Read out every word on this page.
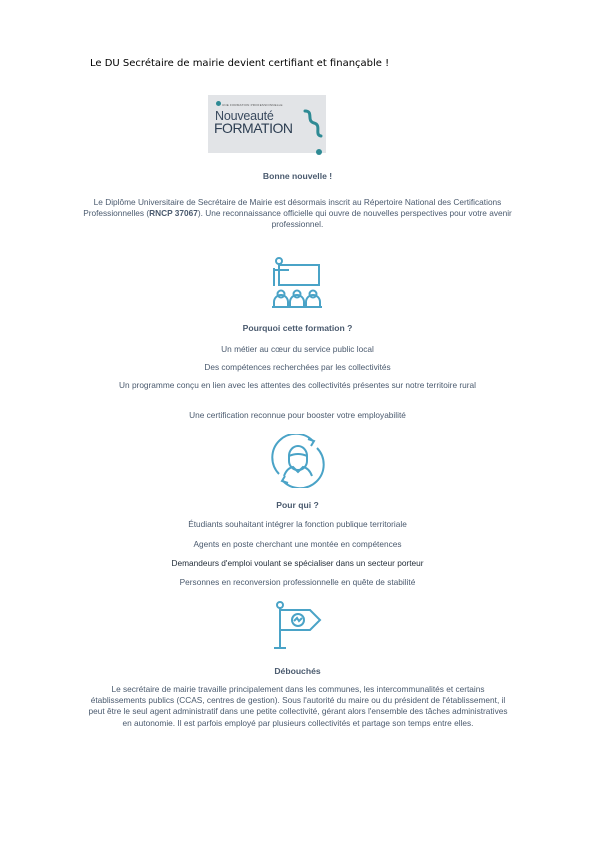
Le DU Secrétaire de mairie devient certifiant et finançable !
UNE FORMATION PROFESSIONNELLE
Nouveauté
FORMATION
Bonne nouvelle !

Le Diplôme Universitaire de Secrétaire de Mairie est désormais inscrit au Répertoire National des Certifications Professionnelles (RNCP 37067). Une reconnaissance officielle qui ouvre de nouvelles perspectives pour votre avenir professionnel.

Pourquoi cette formation ?
Un métier au cœur du service public local
Des compétences recherchées par les collectivités
Un programme conçu en lien avec les attentes des collectivités présentes sur notre territoire rural
Une certification reconnue pour booster votre employabilité
Pour qui ?
Étudiants souhaitant intégrer la fonction publique territoriale
Agents en poste cherchant une montée en compétences
Demandeurs d'emploi voulant se spécialiser dans un secteur porteur
Personnes en reconversion professionnelle en quête de stabilité
Débouchés

Le secrétaire de mairie travaille principalement dans les communes, les intercommunalités et certains établissements publics (CCAS, centres de gestion). Sous l'autorité du maire ou du président de l'établissement, il peut être le seul agent administratif dans une petite collectivité, gérant alors l'ensemble des tâches administratives en autonomie. Il est parfois employé par plusieurs collectivités et partage son temps entre elles.
